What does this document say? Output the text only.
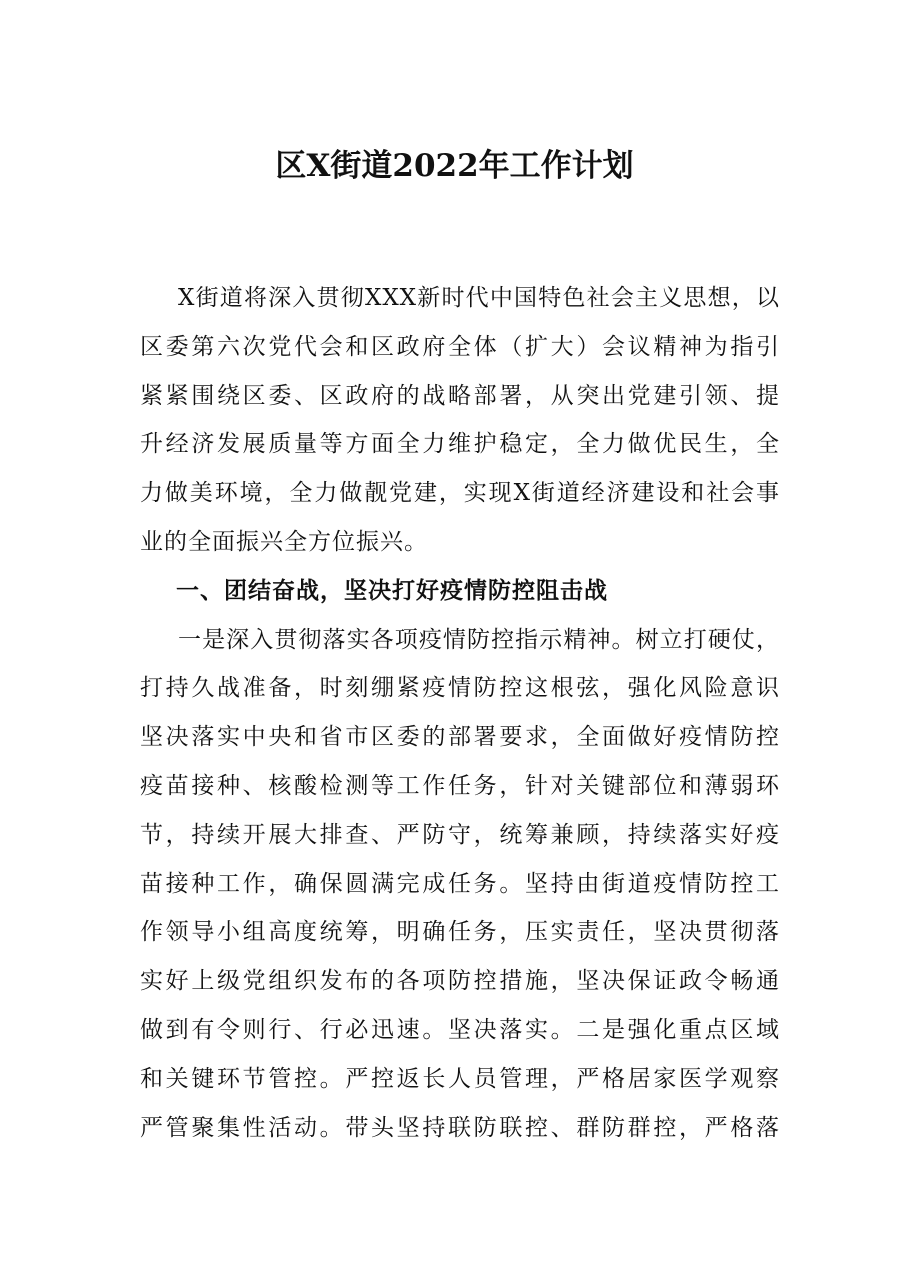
区X街道2022年工作计划
X街道将深入贯彻XXX新时代中国特色社会主义思想，以
区委第六次党代会和区政府全体（扩大）会议精神为指引
紧紧围绕区委、区政府的战略部署，从突出党建引领、提
升经济发展质量等方面全力维护稳定，全力做优民生，全
力做美环境，全力做靓党建，实现X街道经济建设和社会事
业的全面振兴全方位振兴。
一、团结奋战，坚决打好疫情防控阻击战
一是深入贯彻落实各项疫情防控指示精神。树立打硬仗，
打持久战准备，时刻绷紧疫情防控这根弦，强化风险意识
坚决落实中央和省市区委的部署要求，全面做好疫情防控
疫苗接种、核酸检测等工作任务，针对关键部位和薄弱环
节，持续开展大排查、严防守，统筹兼顾，持续落实好疫
苗接种工作，确保圆满完成任务。坚持由街道疫情防控工
作领导小组高度统筹，明确任务，压实责任，坚决贯彻落
实好上级党组织发布的各项防控措施，坚决保证政令畅通
做到有令则行、行必迅速。坚决落实。二是强化重点区域
和关键环节管控。严控返长人员管理，严格居家医学观察
严管聚集性活动。带头坚持联防联控、群防群控，严格落
